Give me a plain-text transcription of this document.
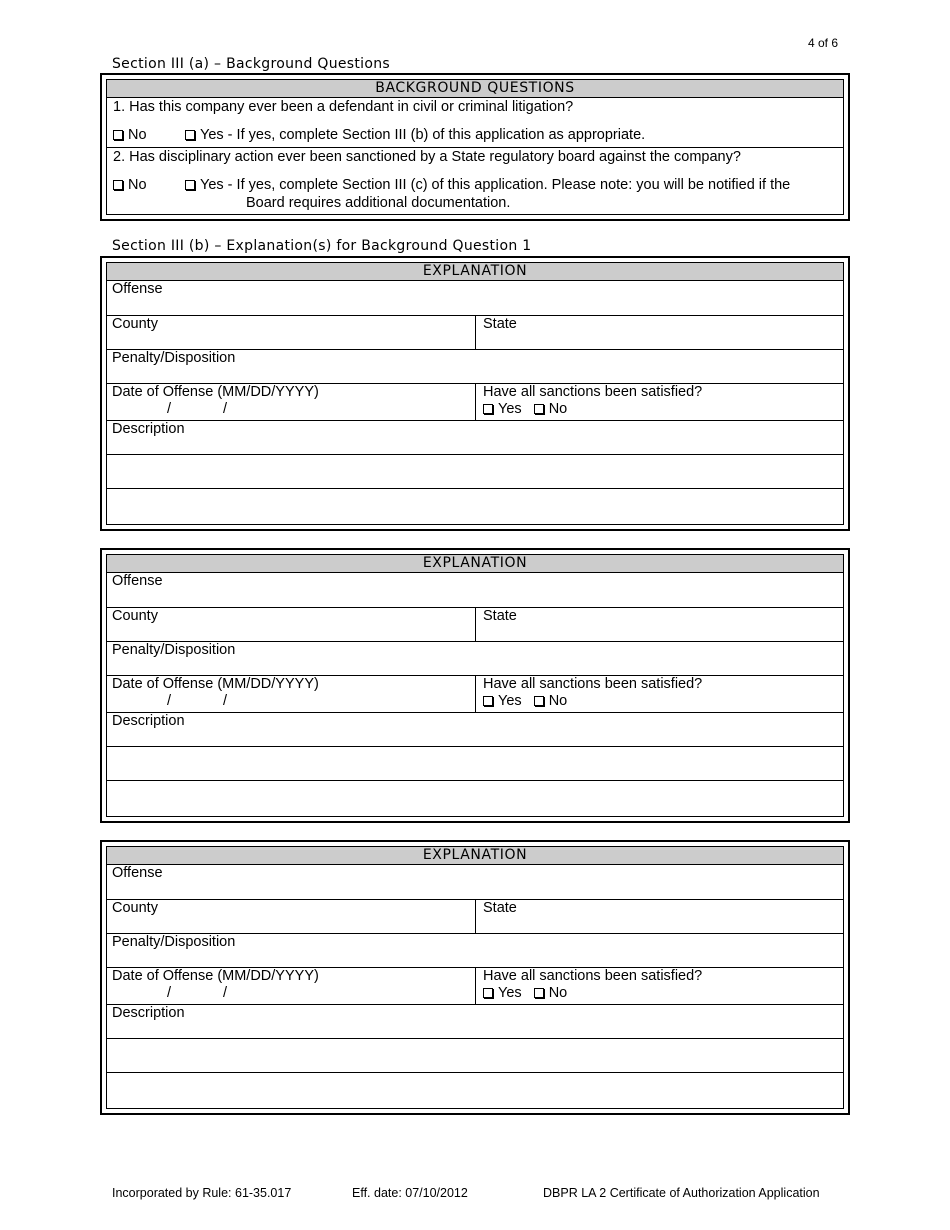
4 of 6
Section III (a) – Background Questions
BACKGROUND QUESTIONS
1. Has this company ever been a defendant in civil or criminal litigation?
No	Yes - If yes, complete Section III (b) of this application as appropriate.
2. Has disciplinary action ever been sanctioned by a State regulatory board against the company?
No	Yes - If yes, complete Section III (c) of this application. Please note: you will be notified if the
Board requires additional documentation.
Section III (b) – Explanation(s) for Background Question 1
EXPLANATION
Offense
County	State
Penalty/Disposition
Date of Offense (MM/DD/YYYY)
/	/
Have all sanctions been satisfied?
Yes No
Description
EXPLANATION
Offense
County	State
Penalty/Disposition
Date of Offense (MM/DD/YYYY)
/	/
Have all sanctions been satisfied?
Yes No
Description
EXPLANATION
Offense
County	State
Penalty/Disposition
Date of Offense (MM/DD/YYYY)
/	/
Have all sanctions been satisfied?
Yes No
Description
Incorporated by Rule: 61-35.017	Eff. date: 07/10/2012	DBPR LA 2 Certificate of Authorization Application
